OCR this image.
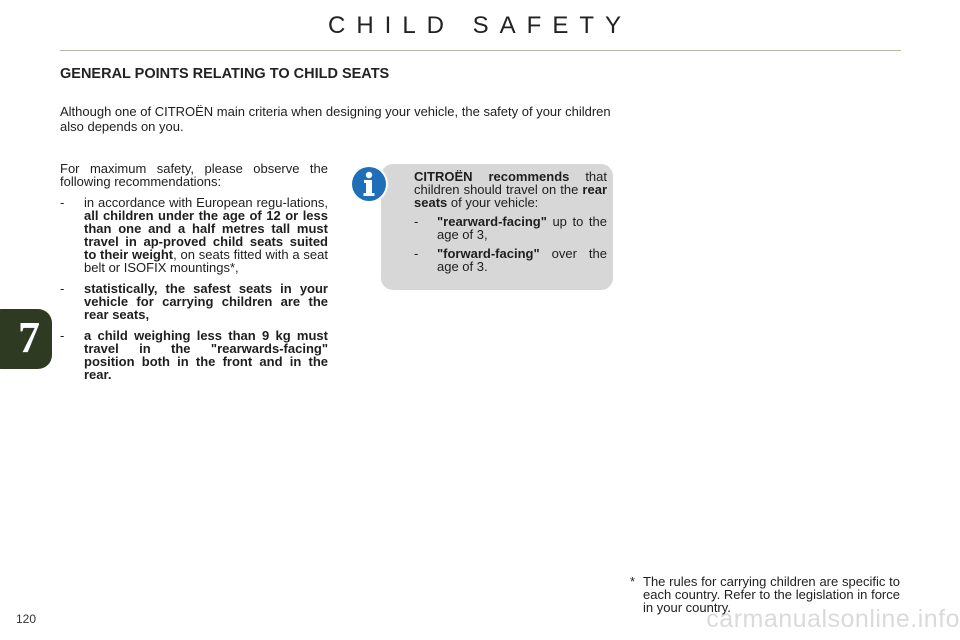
CHILD SAFETY
GENERAL POINTS RELATING TO CHILD SEATS
Although one of CITROËN main criteria when designing your vehicle, the safety of your children also depends on you.

For maximum safety, please observe the following recommendations:

- in accordance with European regu-lations, all children under the age of 12 or less than one and a half metres tall must travel in ap-proved child seats suited to their weight, on seats fitted with a seat belt or ISOFIX mountings*,
- statistically, the safest seats in your vehicle for carrying children are the rear seats,
- a child weighing less than 9 kg must travel in the "rearwards-facing" position both in the front and in the rear.
7

CITROËN recommends that children should travel on the rear seats of your vehicle:

- "rearward-facing" up to the age of 3,
- "forward-facing" over the age of 3.
* The rules for carrying children are specific to each country. Refer to the legislation in force in your country.
120	carmanualsonline.info
